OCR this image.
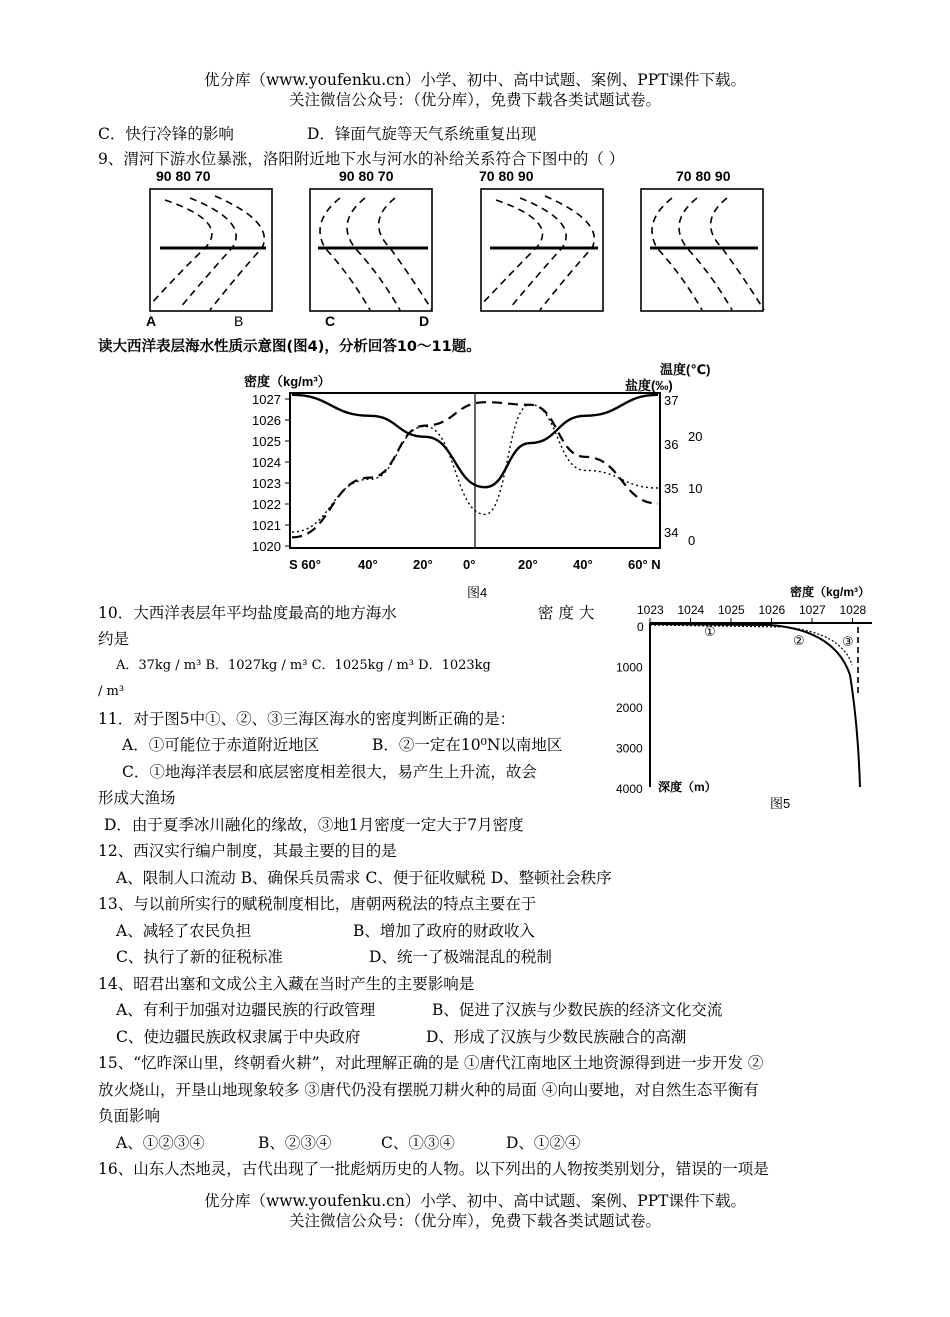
优分库（www.youfenku.cn）小学、初中、高中试题、案例、PPT课件下载。
关注微信公众号：（优分库），免费下载各类试题试卷。
C．快行冷锋的影响	D．锋面气旋等天气系统重复出现
9、渭河下游水位暴涨，洛阳附近地下水与河水的补给关系符合下图中的（ ）
90 80 70	90 80 70	70 80 90	70 80 90
A	B	C	D
读大西洋表层海水性质示意图(图4)，分析回答10～11题。
密度（kg/m³）	盐度(‰)
温度(℃)
1027
1026
1025
1024
1023
1022
1021
1020
37
36
35
34
20
10
0
S 60°	40°	20° 0°	20°	40°	60° N
图4	密度（kg/m³）
1023 1024 1025 1026 1027 1028
0
1000
2000
3000
4000
①
②	③
深度（m）
图5
10．大西洋表层年平均盐度最高的地方海水	密 度 大
约是
A．37kg / m³ B．1027kg / m³ C．1025kg / m³ D．1023kg
/ m³
11．对于图5中①、②、③三海区海水的密度判断正确的是：
A．①可能位于赤道附近地区	B．②一定在10⁰N以南地区
C．①地海洋表层和底层密度相差很大，易产生上升流，故会
形成大渔场
D．由于夏季冰川融化的缘故，③地1月密度一定大于7月密度
12、西汉实行编户制度，其最主要的目的是
A、限制人口流动 B、确保兵员需求 C、便于征收赋税 D、整顿社会秩序
13、与以前所实行的赋税制度相比，唐朝两税法的特点主要在于
A、减轻了农民负担	B、增加了政府的财政收入
C、执行了新的征税标准	D、统一了极端混乱的税制
14、昭君出塞和文成公主入藏在当时产生的主要影响是
A、有利于加强对边疆民族的行政管理	B、促进了汉族与少数民族的经济文化交流
C、使边疆民族政权隶属于中央政府	D、形成了汉族与少数民族融合的高潮
15、“忆昨深山里，终朝看火耕”，对此理解正确的是 ①唐代江南地区土地资源得到进一步开发 ②
放火烧山，开垦山地现象较多 ③唐代仍没有摆脱刀耕火种的局面 ④向山要地，对自然生态平衡有
负面影响
A、①②③④	B、②③④	C、①③④	D、①②④
16、山东人杰地灵，古代出现了一批彪炳历史的人物。以下列出的人物按类别划分，错误的一项是
优分库（www.youfenku.cn）小学、初中、高中试题、案例、PPT课件下载。
关注微信公众号：（优分库），免费下载各类试题试卷。
